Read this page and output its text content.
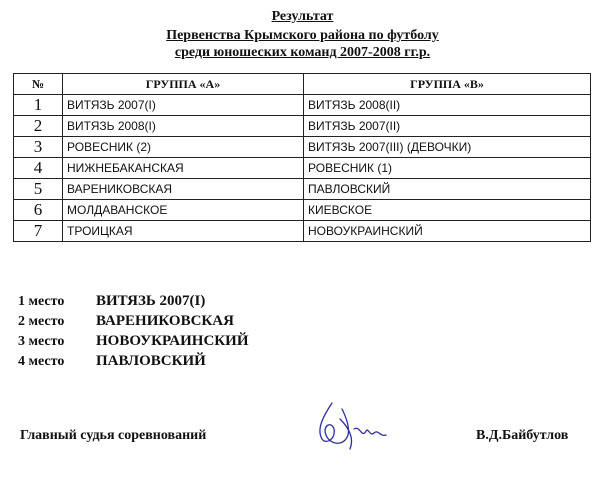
Результат
Первенства Крымского района по футболу
среди юношеских команд 2007-2008 гг.р.
№	ГРУППА «А»	ГРУППА «В»
1	ВИТЯЗЬ 2007(I)	ВИТЯЗЬ 2008(II)
2	ВИТЯЗЬ 2008(I)	ВИТЯЗЬ 2007(II)
3	РОВЕСНИК (2)	ВИТЯЗЬ 2007(III) (ДЕВОЧКИ)
4	НИЖНЕБАКАНСКАЯ	РОВЕСНИК (1)
5	ВАРЕНИКОВСКАЯ	ПАВЛОВСКИЙ
6	МОЛДАВАНСКОЕ	КИЕВСКОЕ
7	ТРОИЦКАЯ	НОВОУКРАИНСКИЙ
1 место ВИТЯЗЬ 2007(I)
2 место ВАРЕНИКОВСКАЯ
3 место НОВОУКРАИНСКИЙ
4 место ПАВЛОВСКИЙ
Главный судья соревнований	В.Д.Байбутлов
